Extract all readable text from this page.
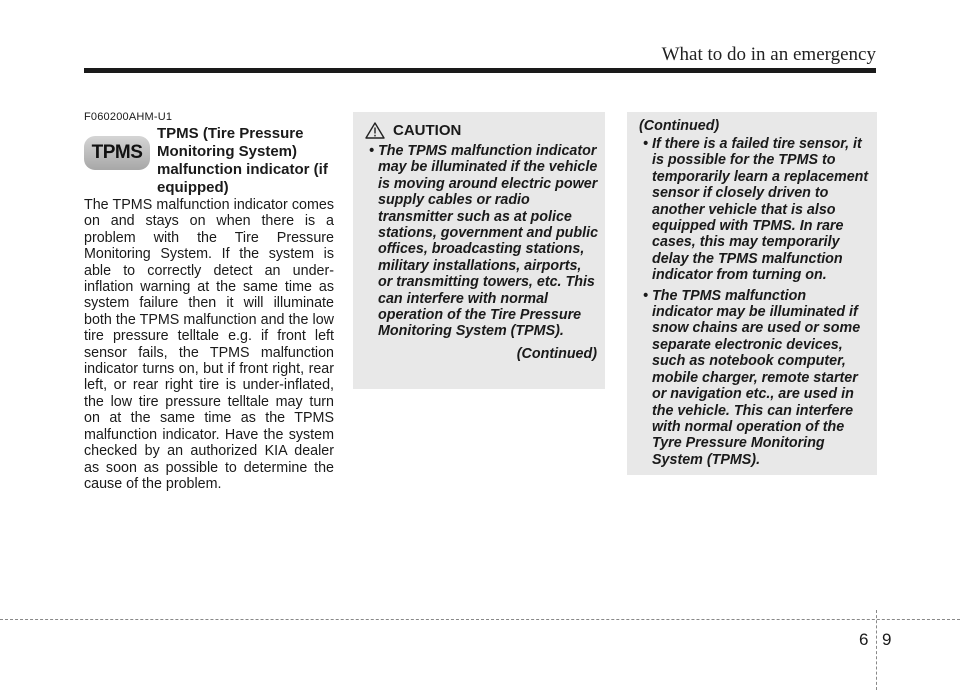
What to do in an emergency
F060200AHM-U1
TPMS
TPMS (Tire Pressure Monitoring System) malfunction indicator (if equipped)
The TPMS malfunction indicator comes on and stays on when there is a problem with the Tire Pressure Monitoring System. If the system is able to correctly detect an under-inflation warning at the same time as system failure then it will illuminate both the TPMS malfunction and the low tire pressure telltale e.g. if front left sensor fails, the TPMS malfunction indicator turns on, but if front right, rear left, or rear right tire is under-inflated, the low tire pressure telltale may turn on at the same time as the TPMS malfunction indicator. Have the system checked by an authorized KIA dealer as soon as possible to determine the cause of the problem.
CAUTION
• The TPMS malfunction indicator may be illuminated if the vehicle is moving around electric power supply cables or radio transmitter such as at police stations, government and public offices, broadcasting stations, military installations, airports, or transmitting towers, etc. This can interfere with normal operation of the Tire Pressure Monitoring System (TPMS).
(Continued)
(Continued)
• If there is a failed tire sensor, it is possible for the TPMS to temporarily learn a replacement sensor if closely driven to another vehicle that is also equipped with TPMS. In rare cases, this may temporarily delay the TPMS malfunction indicator from turning on.
• The TPMS malfunction indicator may be illuminated if snow chains are used or some separate electronic devices, such as notebook computer, mobile charger, remote starter or navigation etc., are used in the vehicle. This can interfere with normal operation of the Tyre Pressure Monitoring System (TPMS).
6 9
